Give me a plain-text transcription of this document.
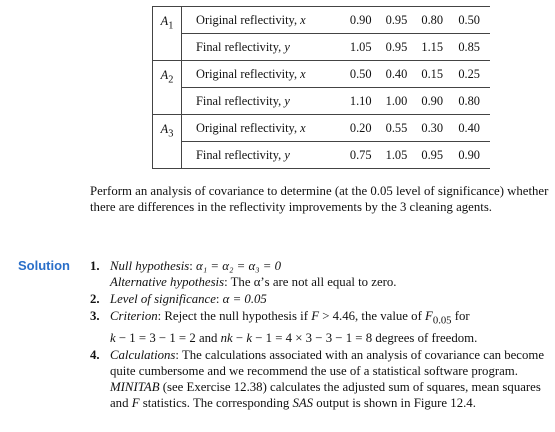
$A_1$	Original reflectivity, x	0.90	0.95	0.80	0.50
	Final reflectivity, y	1.05	0.95	1.15	0.85
$A_2$	Original reflectivity, x	0.50	0.40	0.15	0.25
	Final reflectivity, y	1.10	1.00	0.90	0.80
$A_3$	Original reflectivity, x	0.20	0.55	0.30	0.40
	Final reflectivity, y	0.75	1.05	0.95	0.90

Perform an analysis of covariance to determine (at the 0.05 level of significance) whether there are differences in the reflectivity improvements by the 3 cleaning agents.

Solution 1. Null hypothesis: α₁ = α₂ = α₃ = 0
Alternative hypothesis: The α’s are not all equal to zero.
2. Level of significance: α = 0.05
3. Criterion: Reject the null hypothesis if F > 4.46, the value of $F_{0.05}$ for
k − 1 = 3 − 1 = 2 and nk − k − 1 = 4 × 3 − 3 − 1 = 8 degrees of freedom.
4. Calculations: The calculations associated with an analysis of covariance can become quite cumbersome and we recommend the use of a statistical software program. MINITAB (see Exercise 12.38) calculates the adjusted sum of squares, mean squares and F statistics. The corresponding SAS output is shown in Figure 12.4.
